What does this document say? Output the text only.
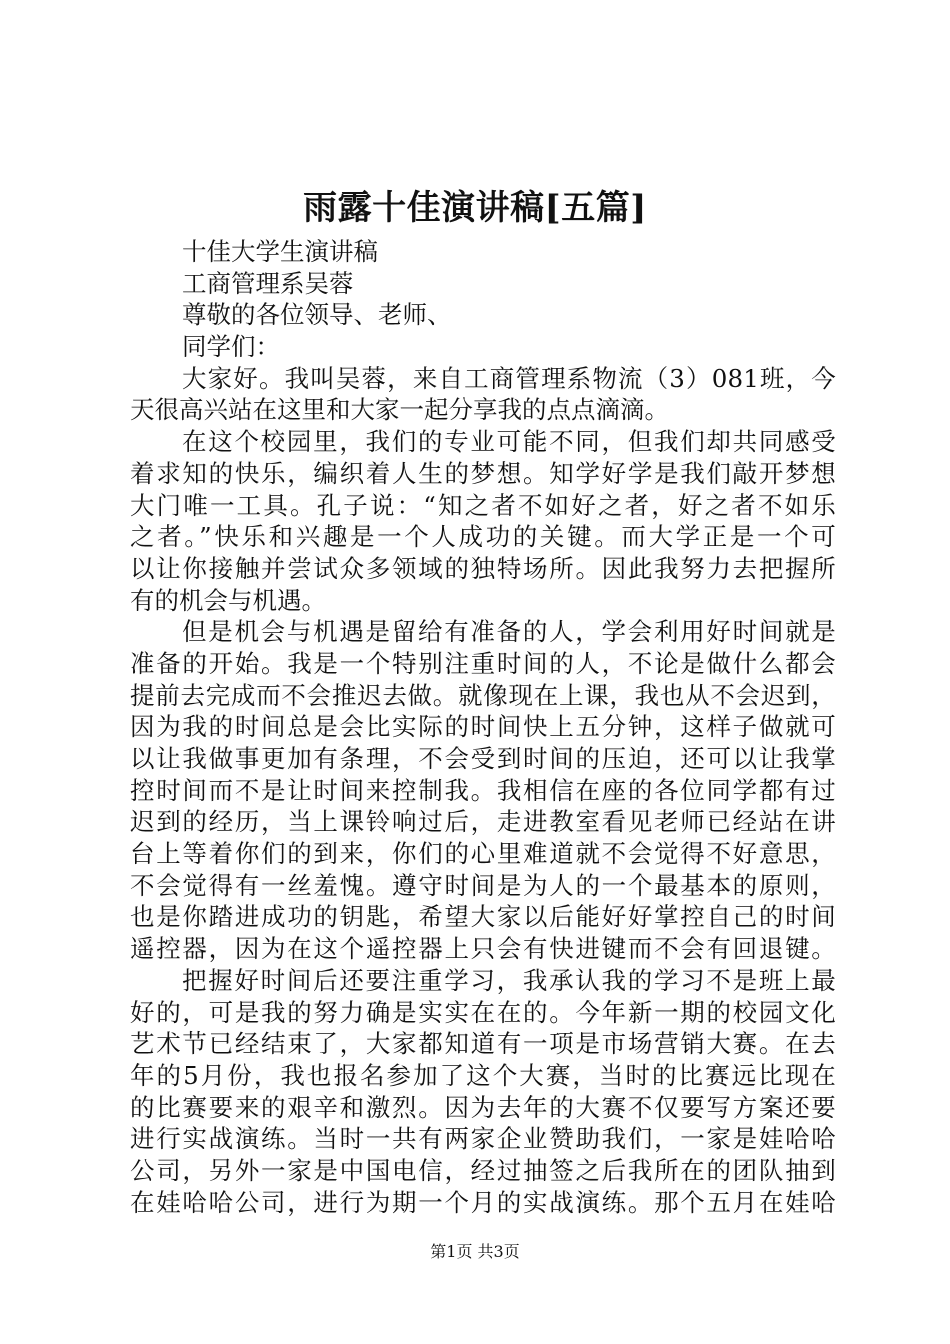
雨露十佳演讲稿[五篇]
十佳大学生演讲稿
工商管理系吴蓉
尊敬的各位领导、老师、
同学们：
大家好。我叫吴蓉，来自工商管理系物流（3）081班，今
天很高兴站在这里和大家一起分享我的点点滴滴。
在这个校园里，我们的专业可能不同，但我们却共同感受
着求知的快乐，编织着人生的梦想。知学好学是我们敲开梦想
大门唯一工具。孔子说：“知之者不如好之者，好之者不如乐
之者。”快乐和兴趣是一个人成功的关键。而大学正是一个可
以让你接触并尝试众多领域的独特场所。因此我努力去把握所
有的机会与机遇。
但是机会与机遇是留给有准备的人，学会利用好时间就是
准备的开始。我是一个特别注重时间的人，不论是做什么都会
提前去完成而不会推迟去做。就像现在上课，我也从不会迟到，
因为我的时间总是会比实际的时间快上五分钟，这样子做就可
以让我做事更加有条理，不会受到时间的压迫，还可以让我掌
控时间而不是让时间来控制我。我相信在座的各位同学都有过
迟到的经历，当上课铃响过后，走进教室看见老师已经站在讲
台上等着你们的到来，你们的心里难道就不会觉得不好意思，
不会觉得有一丝羞愧。遵守时间是为人的一个最基本的原则，
也是你踏进成功的钥匙，希望大家以后能好好掌控自己的时间
遥控器，因为在这个遥控器上只会有快进键而不会有回退键。
把握好时间后还要注重学习，我承认我的学习不是班上最
好的，可是我的努力确是实实在在的。今年新一期的校园文化
艺术节已经结束了，大家都知道有一项是市场营销大赛。在去
年的5月份，我也报名参加了这个大赛，当时的比赛远比现在
的比赛要来的艰辛和激烈。因为去年的大赛不仅要写方案还要
进行实战演练。当时一共有两家企业赞助我们，一家是娃哈哈
公司，另外一家是中国电信，经过抽签之后我所在的团队抽到
在娃哈哈公司，进行为期一个月的实战演练。那个五月在娃哈
第1页 共3页
